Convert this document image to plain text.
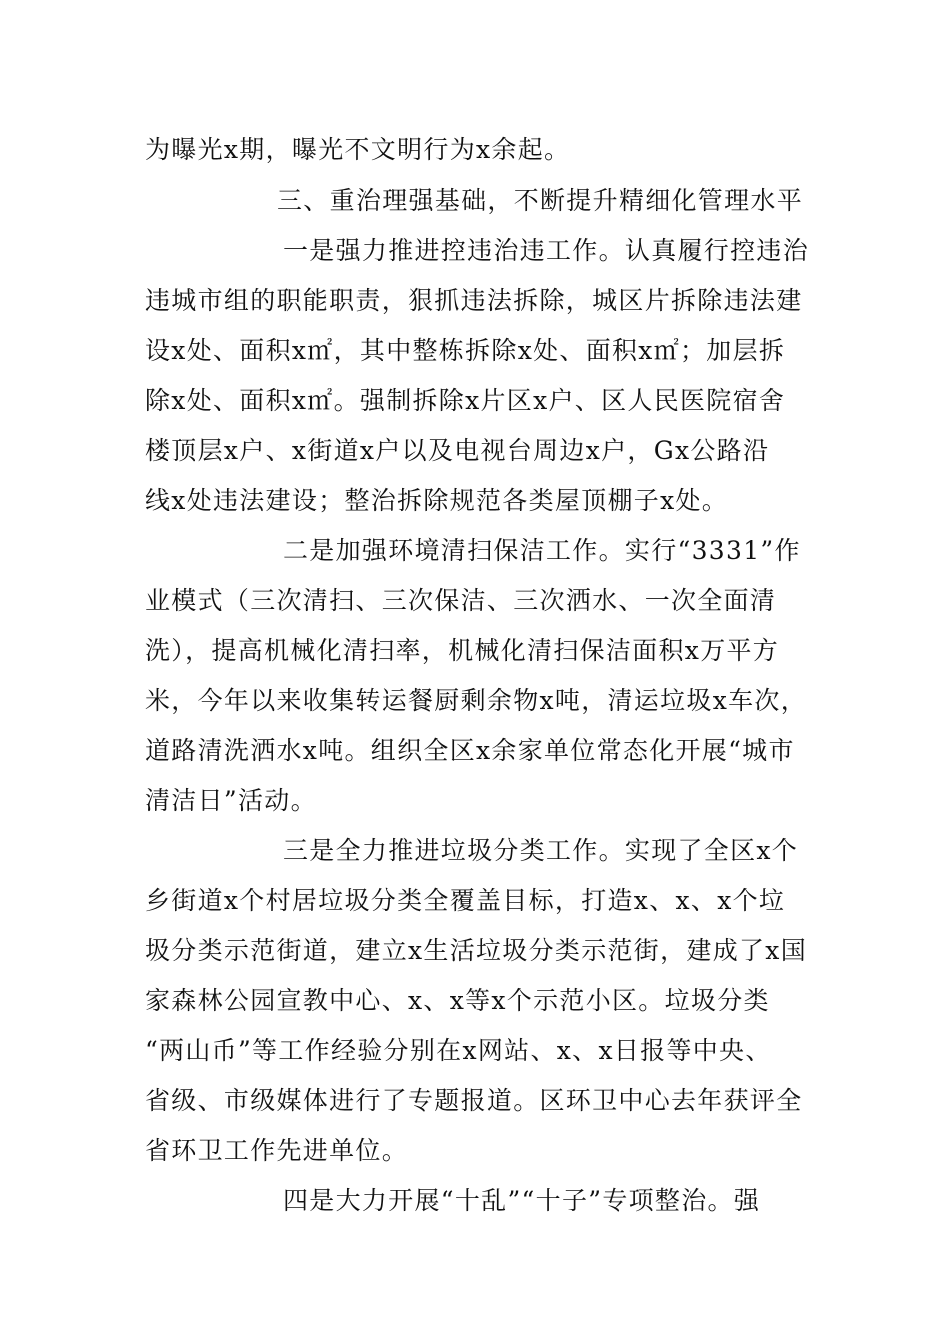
为曝光x期，曝光不文明行为x余起。
三、重治理强基础，不断提升精细化管理水平
一是强力推进控违治违工作。认真履行控违治
违城市组的职能职责，狠抓违法拆除，城区片拆除违法建
设x处、面积x㎡，其中整栋拆除x处、面积x㎡；加层拆
除x处、面积x㎡。强制拆除x片区x户、区人民医院宿舍
楼顶层x户、x街道x户以及电视台周边x户，Gx公路沿
线x处违法建设；整治拆除规范各类屋顶棚子x处。
二是加强环境清扫保洁工作。实行“3331”作
业模式（三次清扫、三次保洁、三次洒水、一次全面清
洗），提高机械化清扫率，机械化清扫保洁面积x万平方
米，今年以来收集转运餐厨剩余物x吨，清运垃圾x车次，
道路清洗洒水x吨。组织全区x余家单位常态化开展“城市
清洁日”活动。
三是全力推进垃圾分类工作。实现了全区x个
乡街道x个村居垃圾分类全覆盖目标，打造x、x、x个垃
圾分类示范街道，建立x生活垃圾分类示范街，建成了x国
家森林公园宣教中心、x、x等x个示范小区。垃圾分类
“两山币”等工作经验分别在x网站、x、x日报等中央、
省级、市级媒体进行了专题报道。区环卫中心去年获评全
省环卫工作先进单位。
四是大力开展“十乱”“十子”专项整治。强
